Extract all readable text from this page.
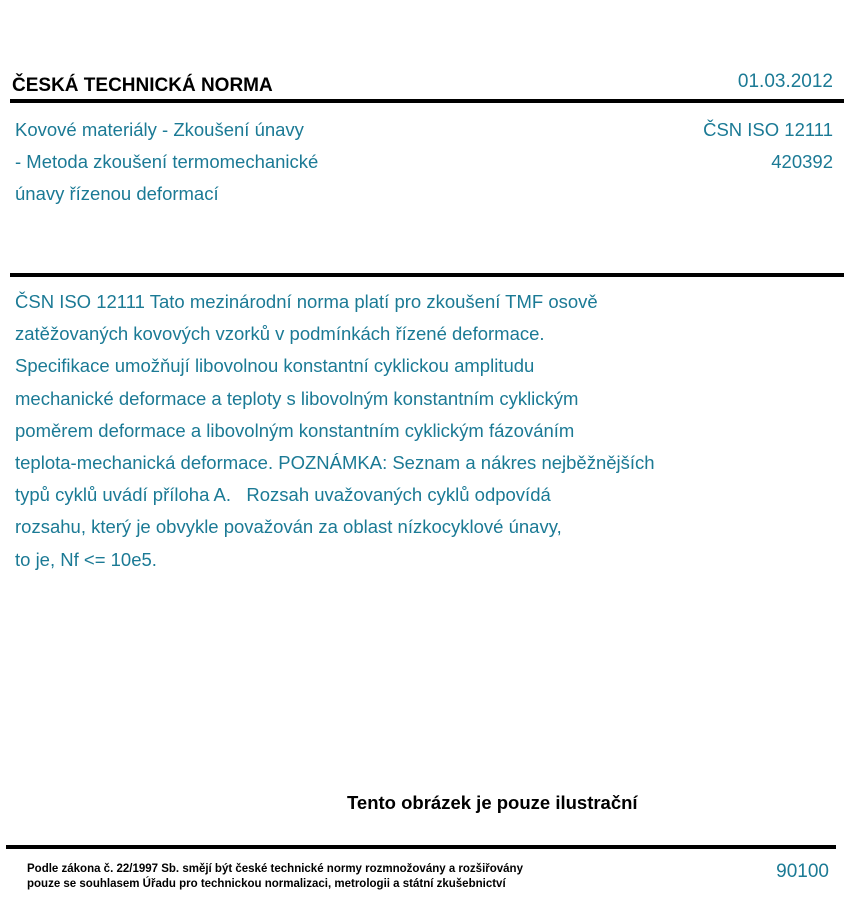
ČESKÁ TECHNICKÁ NORMA	01.03.2012
Kovové materiály - Zkoušení únavy
- Metoda zkoušení termomechanické
únavy řízenou deformací
ČSN ISO 12111
420392
ČSN ISO 12111 Tato mezinárodní norma platí pro zkoušení TMF osově
zatěžovaných kovových vzorků v podmínkách řízené deformace.
Specifikace umožňují libovolnou konstantní cyklickou amplitudu
mechanické deformace a teploty s libovolným konstantním cyklickým
poměrem deformace a libovolným konstantním cyklickým fázováním
teplota-mechanická deformace. POZNÁMKA: Seznam a nákres nejběžnějších
typů cyklů uvádí příloha A.   Rozsah uvažovaných cyklů odpovídá
rozsahu, který je obvykle považován za oblast nízkocyklové únavy,
to je, Nf <= 10e5.
Tento obrázek je pouze ilustrační
Podle zákona č. 22/1997 Sb. smějí být české technické normy rozmnožovány a rozšiřovány
pouze se souhlasem Úřadu pro technickou normalizaci, metrologii a státní zkušebnictví
90100
